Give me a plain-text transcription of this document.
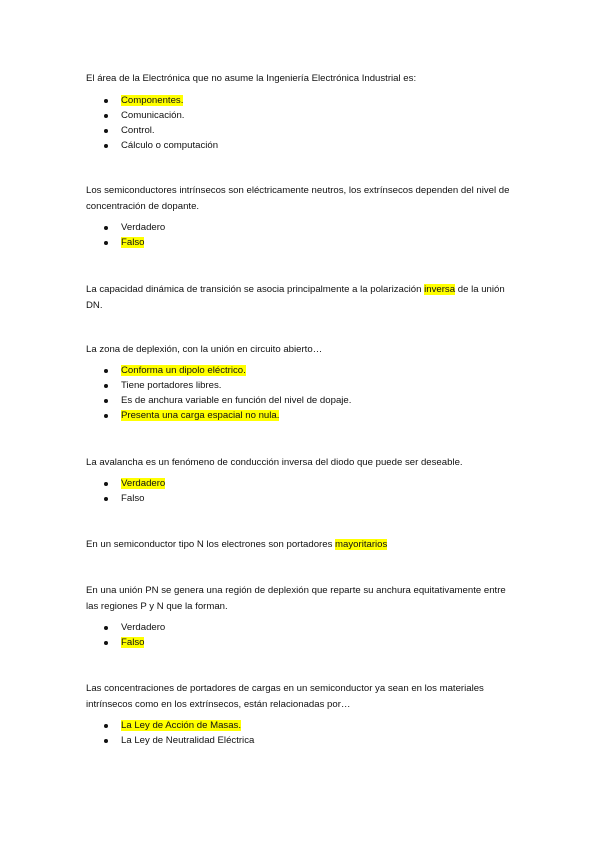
El área de la Electrónica que no asume la Ingeniería Electrónica Industrial es:

Componentes.
Comunicación.
Control.
Cálculo o computación

Los semiconductores intrínsecos son eléctricamente neutros, los extrínsecos dependen del nivel de concentración de dopante.

Verdadero
Falso

La capacidad dinámica de transición se asocia principalmente a la polarización inversa de la unión DN.

La zona de deplexión, con la unión en circuito abierto…

Conforma un dipolo eléctrico.
Tiene portadores libres.
Es de anchura variable en función del nivel de dopaje.
Presenta una carga espacial no nula.

La avalancha es un fenómeno de conducción inversa del diodo que puede ser deseable.

Verdadero
Falso

En un semiconductor tipo N los electrones son portadores mayoritarios

En una unión PN se genera una región de deplexión que reparte su anchura equitativamente entre las regiones P y N que la forman.

Verdadero
Falso

Las concentraciones de portadores de cargas en un semiconductor ya sean en los materiales intrínsecos como en los extrínsecos, están relacionadas por…

La Ley de Acción de Masas.
La Ley de Neutralidad Eléctrica
